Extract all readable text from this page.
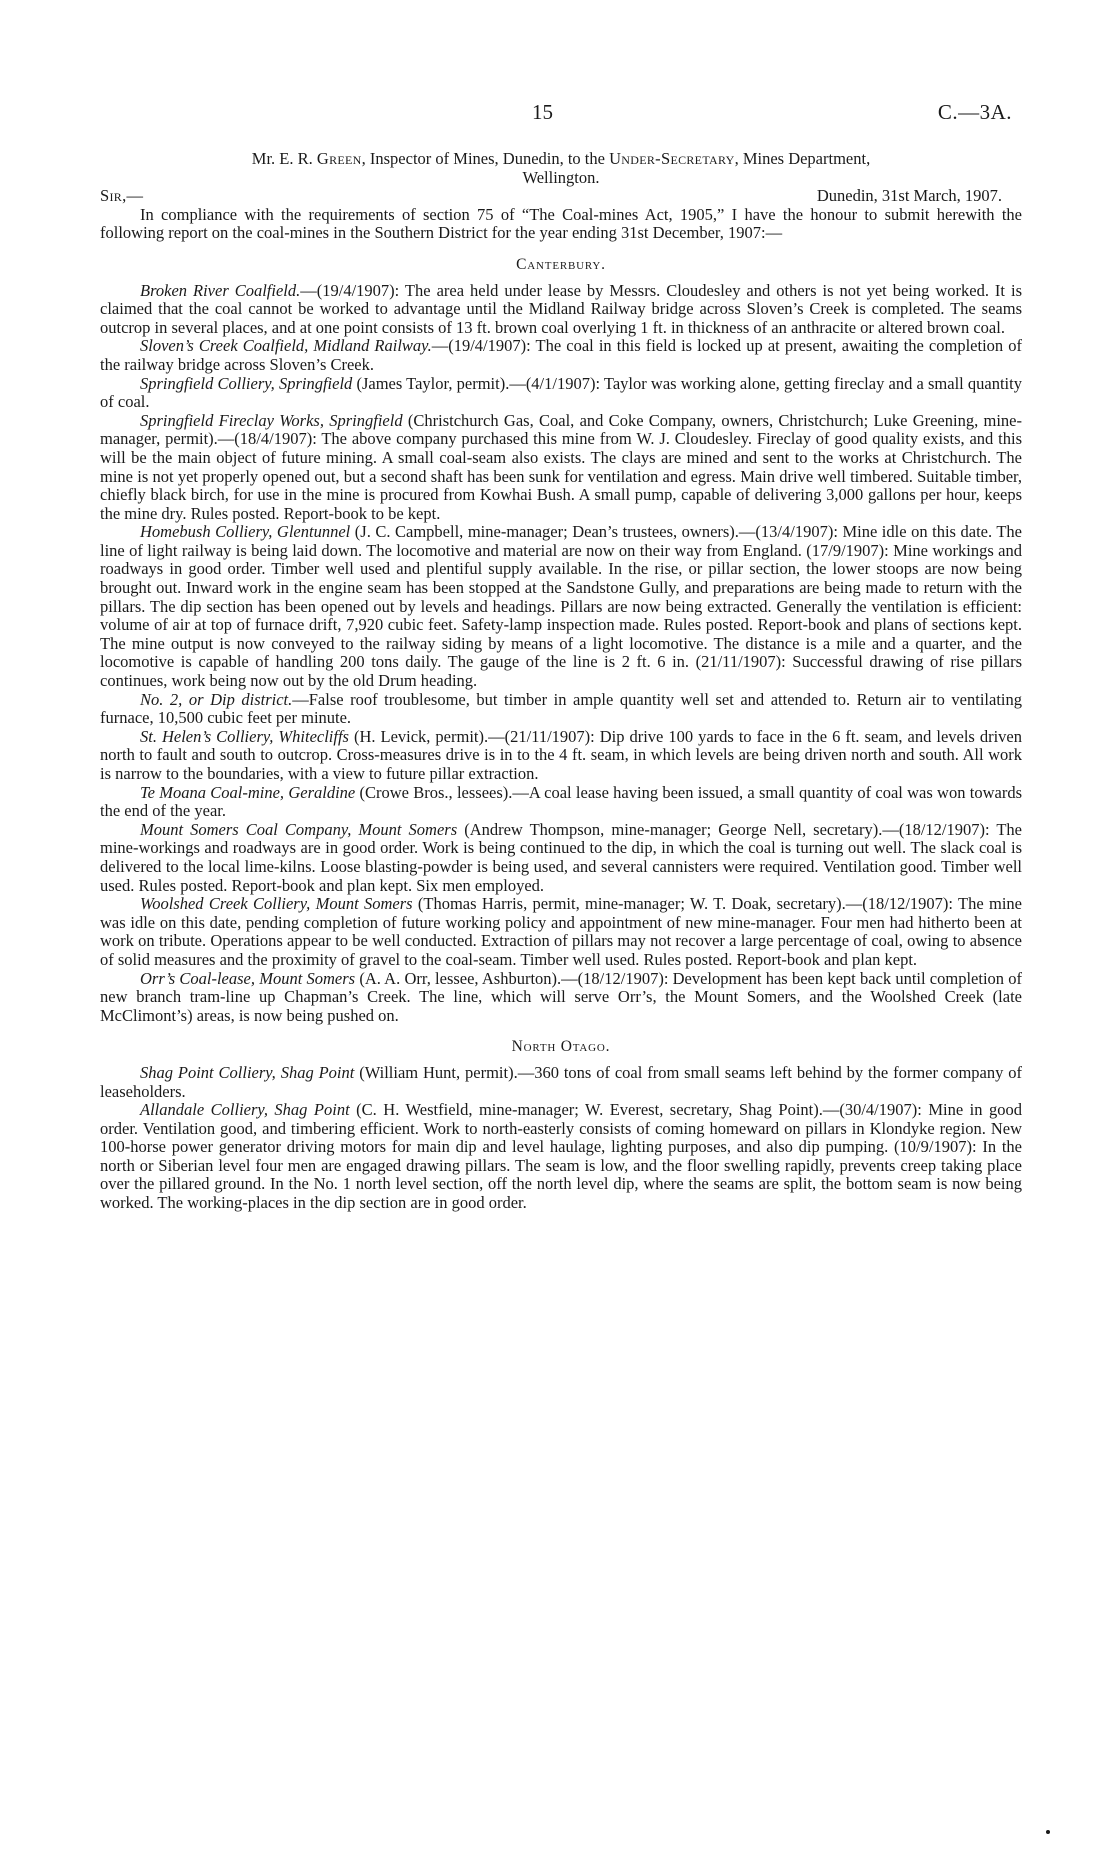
15	C.—3A.
Mr. E. R. Green, Inspector of Mines, Dunedin, to the Under-Secretary, Mines Department,
Wellington.
Sir,—	Dunedin, 31st March, 1907.

In compliance with the requirements of section 75 of “The Coal-mines Act, 1905,” I have the honour to submit herewith the following report on the coal-mines in the Southern District for the year ending 31st December, 1907:—

Canterbury.

Broken River Coalfield.—(19/4/1907): The area held under lease by Messrs. Cloudesley and others is not yet being worked. It is claimed that the coal cannot be worked to advantage until the Midland Railway bridge across Sloven’s Creek is completed. The seams outcrop in several places, and at one point consists of 13 ft. brown coal overlying 1 ft. in thickness of an anthracite or altered brown coal.

Sloven’s Creek Coalfield, Midland Railway.—(19/4/1907): The coal in this field is locked up at present, awaiting the completion of the railway bridge across Sloven’s Creek.

Springfield Colliery, Springfield (James Taylor, permit).—(4/1/1907): Taylor was working alone, getting fireclay and a small quantity of coal.

Springfield Fireclay Works, Springfield (Christchurch Gas, Coal, and Coke Company, owners, Christchurch; Luke Greening, mine-manager, permit).—(18/4/1907): The above company purchased this mine from W. J. Cloudesley. Fireclay of good quality exists, and this will be the main object of future mining. A small coal-seam also exists. The clays are mined and sent to the works at Christchurch. The mine is not yet properly opened out, but a second shaft has been sunk for ventilation and egress. Main drive well timbered. Suitable timber, chiefly black birch, for use in the mine is procured from Kowhai Bush. A small pump, capable of delivering 3,000 gallons per hour, keeps the mine dry. Rules posted. Report-book to be kept.

Homebush Colliery, Glentunnel (J. C. Campbell, mine-manager; Dean’s trustees, owners).—(13/4/1907): Mine idle on this date. The line of light railway is being laid down. The locomotive and material are now on their way from England. (17/9/1907): Mine workings and roadways in good order. Timber well used and plentiful supply available. In the rise, or pillar section, the lower stoops are now being brought out. Inward work in the engine seam has been stopped at the Sandstone Gully, and preparations are being made to return with the pillars. The dip section has been opened out by levels and headings. Pillars are now being extracted. Generally the ventilation is efficient: volume of air at top of furnace drift, 7,920 cubic feet. Safety-lamp inspection made. Rules posted. Report-book and plans of sections kept. The mine output is now conveyed to the railway siding by means of a light locomotive. The distance is a mile and a quarter, and the locomotive is capable of handling 200 tons daily. The gauge of the line is 2 ft. 6 in. (21/11/1907): Successful drawing of rise pillars continues, work being now out by the old Drum heading.

No. 2, or Dip district.—False roof troublesome, but timber in ample quantity well set and attended to. Return air to ventilating furnace, 10,500 cubic feet per minute.

St. Helen’s Colliery, Whitecliffs (H. Levick, permit).—(21/11/1907): Dip drive 100 yards to face in the 6 ft. seam, and levels driven north to fault and south to outcrop. Cross-measures drive is in to the 4 ft. seam, in which levels are being driven north and south. All work is narrow to the boundaries, with a view to future pillar extraction.

Te Moana Coal-mine, Geraldine (Crowe Bros., lessees).—A coal lease having been issued, a small quantity of coal was won towards the end of the year.

Mount Somers Coal Company, Mount Somers (Andrew Thompson, mine-manager; George Nell, secretary).—(18/12/1907): The mine-workings and roadways are in good order. Work is being continued to the dip, in which the coal is turning out well. The slack coal is delivered to the local lime-kilns. Loose blasting-powder is being used, and several cannisters were required. Ventilation good. Timber well used. Rules posted. Report-book and plan kept. Six men employed.

Woolshed Creek Colliery, Mount Somers (Thomas Harris, permit, mine-manager; W. T. Doak, secretary).—(18/12/1907): The mine was idle on this date, pending completion of future working policy and appointment of new mine-manager. Four men had hitherto been at work on tribute. Operations appear to be well conducted. Extraction of pillars may not recover a large percentage of coal, owing to absence of solid measures and the proximity of gravel to the coal-seam. Timber well used. Rules posted. Report-book and plan kept.

Orr’s Coal-lease, Mount Somers (A. A. Orr, lessee, Ashburton).—(18/12/1907): Development has been kept back until completion of new branch tram-line up Chapman’s Creek. The line, which will serve Orr’s, the Mount Somers, and the Woolshed Creek (late McClimont’s) areas, is now being pushed on.

North Otago.

Shag Point Colliery, Shag Point (William Hunt, permit).—360 tons of coal from small seams left behind by the former company of leaseholders.

Allandale Colliery, Shag Point (C. H. Westfield, mine-manager; W. Everest, secretary, Shag Point).—(30/4/1907): Mine in good order. Ventilation good, and timbering efficient. Work to north-easterly consists of coming homeward on pillars in Klondyke region. New 100-horse power generator driving motors for main dip and level haulage, lighting purposes, and also dip pumping. (10/9/1907): In the north or Siberian level four men are engaged drawing pillars. The seam is low, and the floor swelling rapidly, prevents creep taking place over the pillared ground. In the No. 1 north level section, off the north level dip, where the seams are split, the bottom seam is now being worked. The working-places in the dip section are in good order.
